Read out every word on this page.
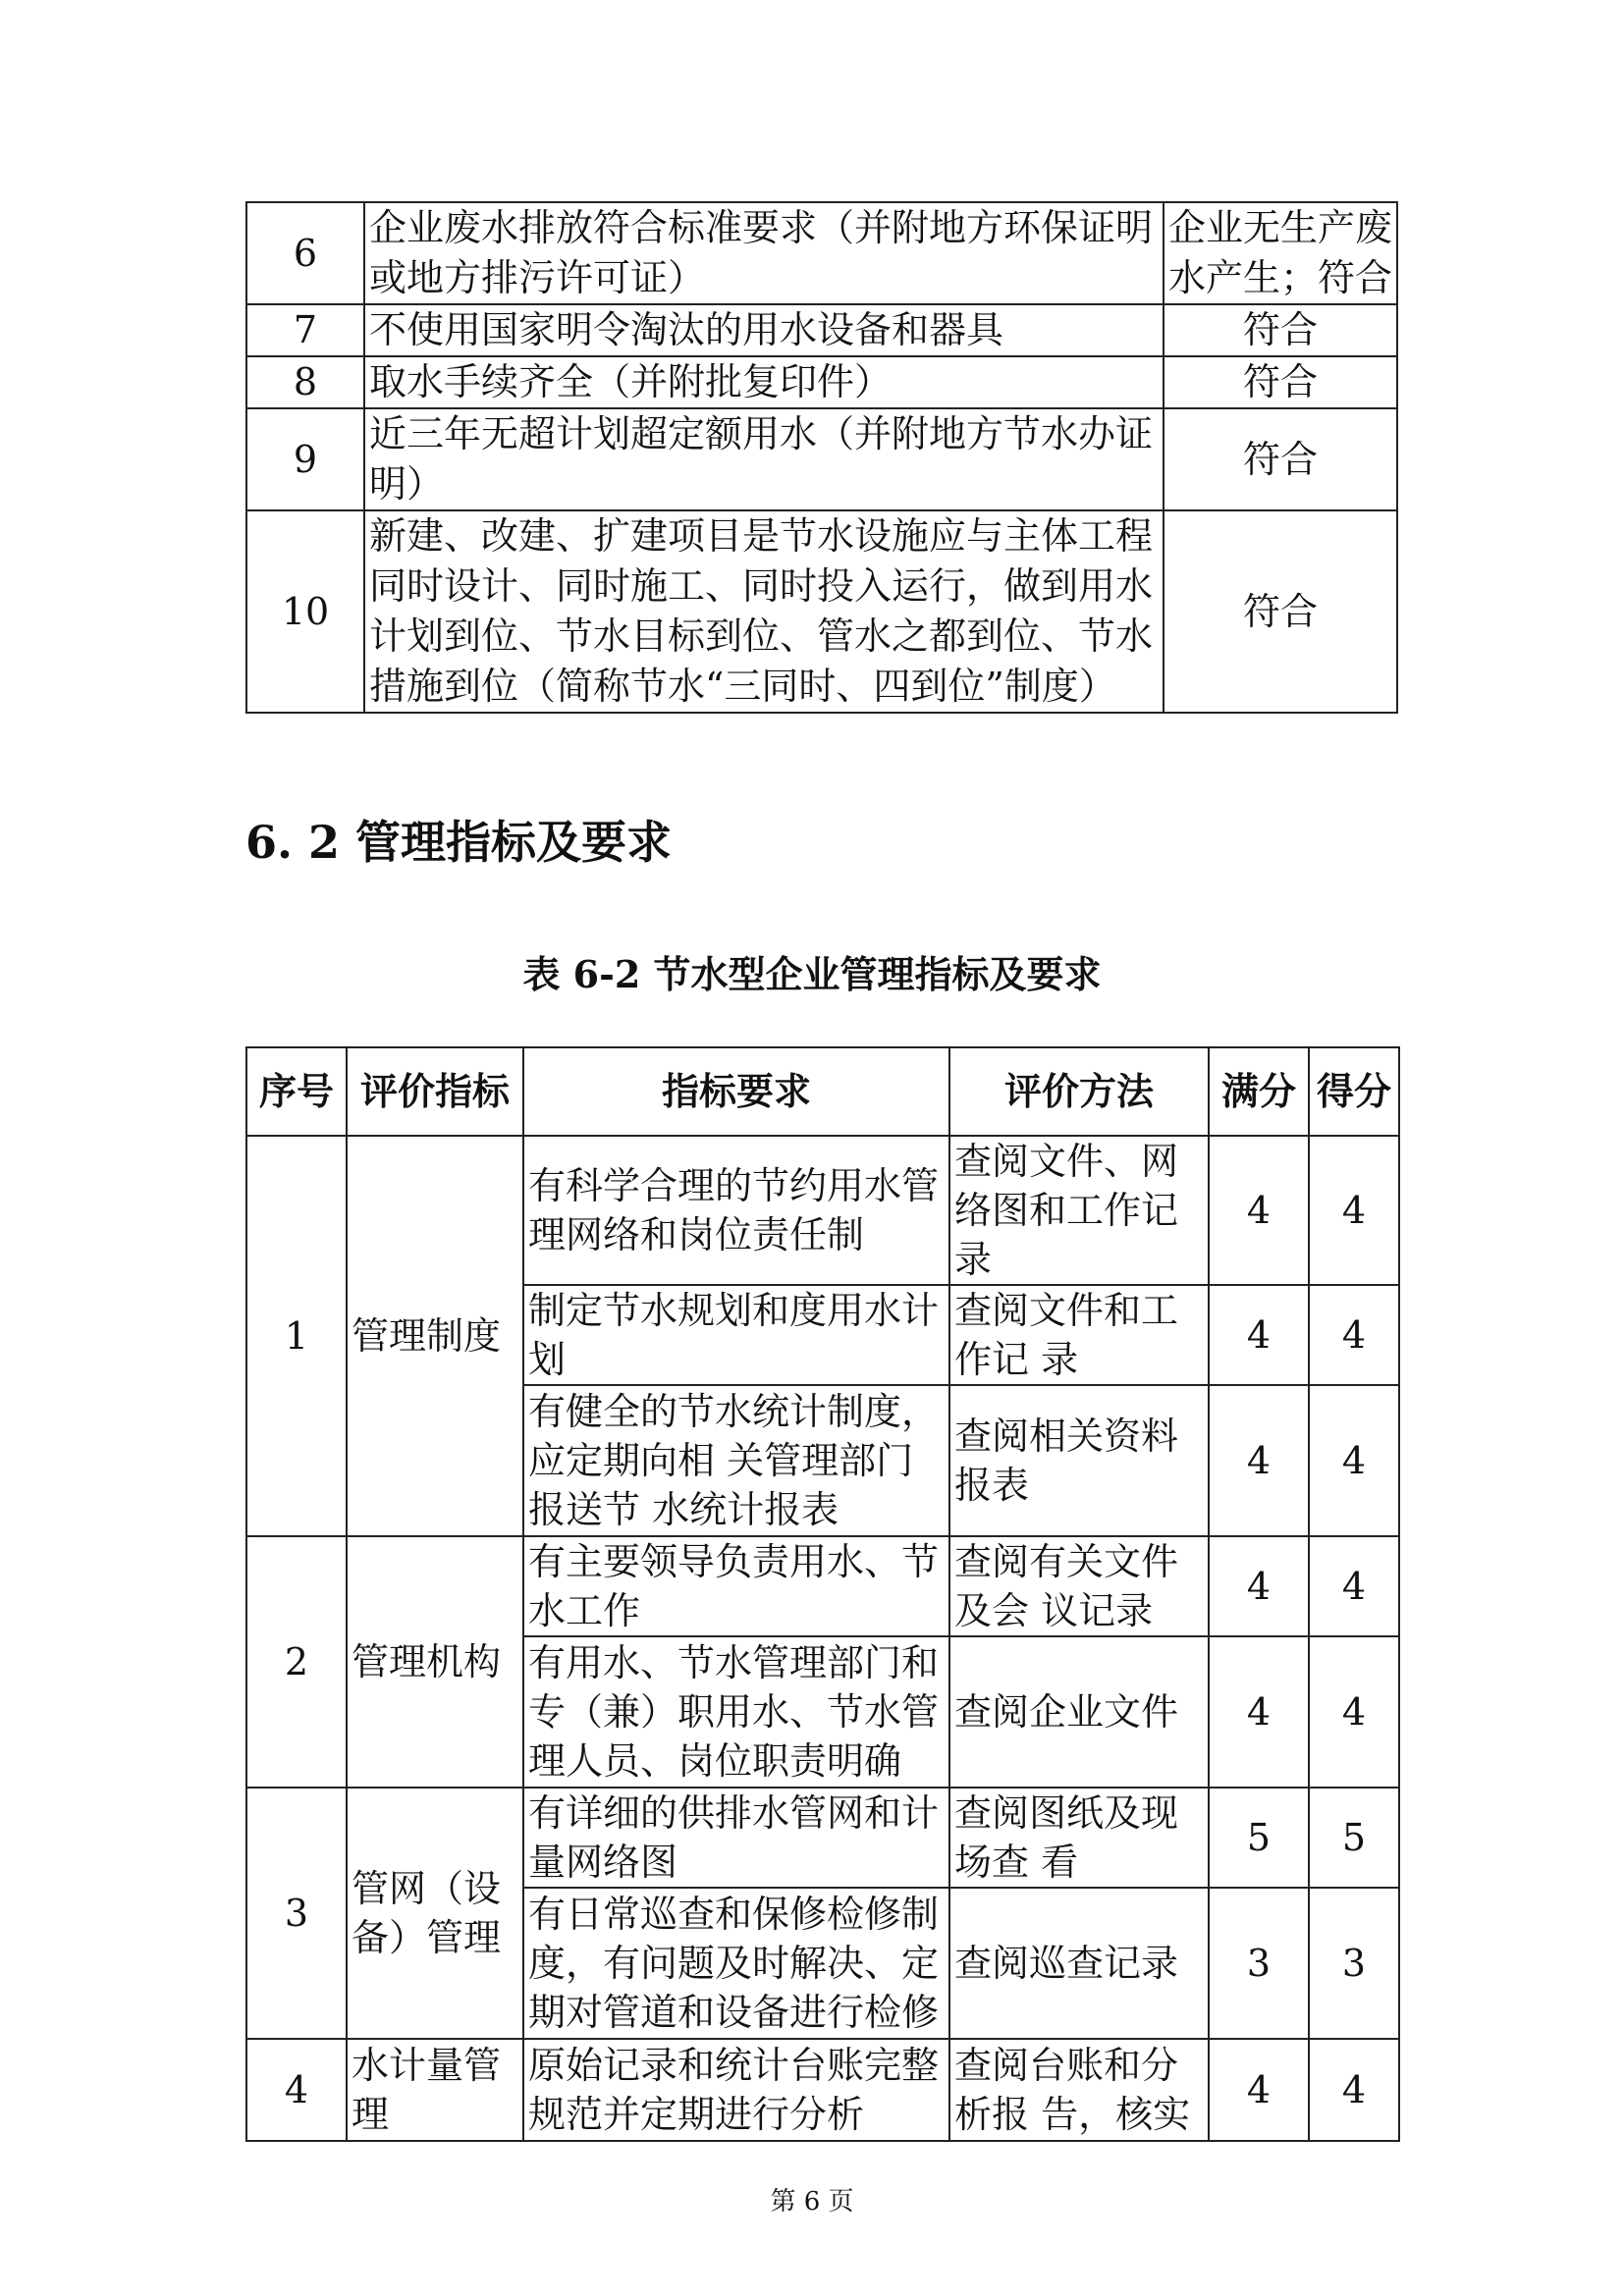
6	企业废水排放符合标准要求（并附地方环保证明或地方排污许可证）	企业无生产废水产生；符合
7	不使用国家明令淘汰的用水设备和器具	符合
8	取水手续齐全（并附批复印件）	符合
9	近三年无超计划超定额用水（并附地方节水办证明）	符合
10	新建、改建、扩建项目是节水设施应与主体工程同时设计、同时施工、同时投入运行，做到用水计划到位、节水目标到位、管水之都到位、节水措施到位（简称节水“三同时、四到位”制度）	符合
6. 2 管理指标及要求
表 6-2 节水型企业管理指标及要求
序号	评价指标	指标要求	评价方法	满分	得分
1	管理制度	有科学合理的节约用水管理网络和岗位责任制	查阅文件、网络图和工作记录	4	4
		制定节水规划和度用水计划	查阅文件和工作记 录	4	4
		有健全的节水统计制度，应定期向相 关管理部门报送节 水统计报表	查阅相关资料报表	4	4
2	管理机构	有主要领导负责用水、节水工作	查阅有关文件及会 议记录	4	4
		有用水、节水管理部门和专（兼）职用水、节水管理人员、岗位职责明确	查阅企业文件	4	4
3	管网（设备）管理	有详细的供排水管网和计量网络图	查阅图纸及现场查 看	5	5
		有日常巡查和保修检修制度，有问题及时解决、定期对管道和设备进行检修	查阅巡查记录	3	3
4	水计量管理	原始记录和统计台账完整规范并定期进行分析	查阅台账和分析报 告，核实	4	4
第 6 页
